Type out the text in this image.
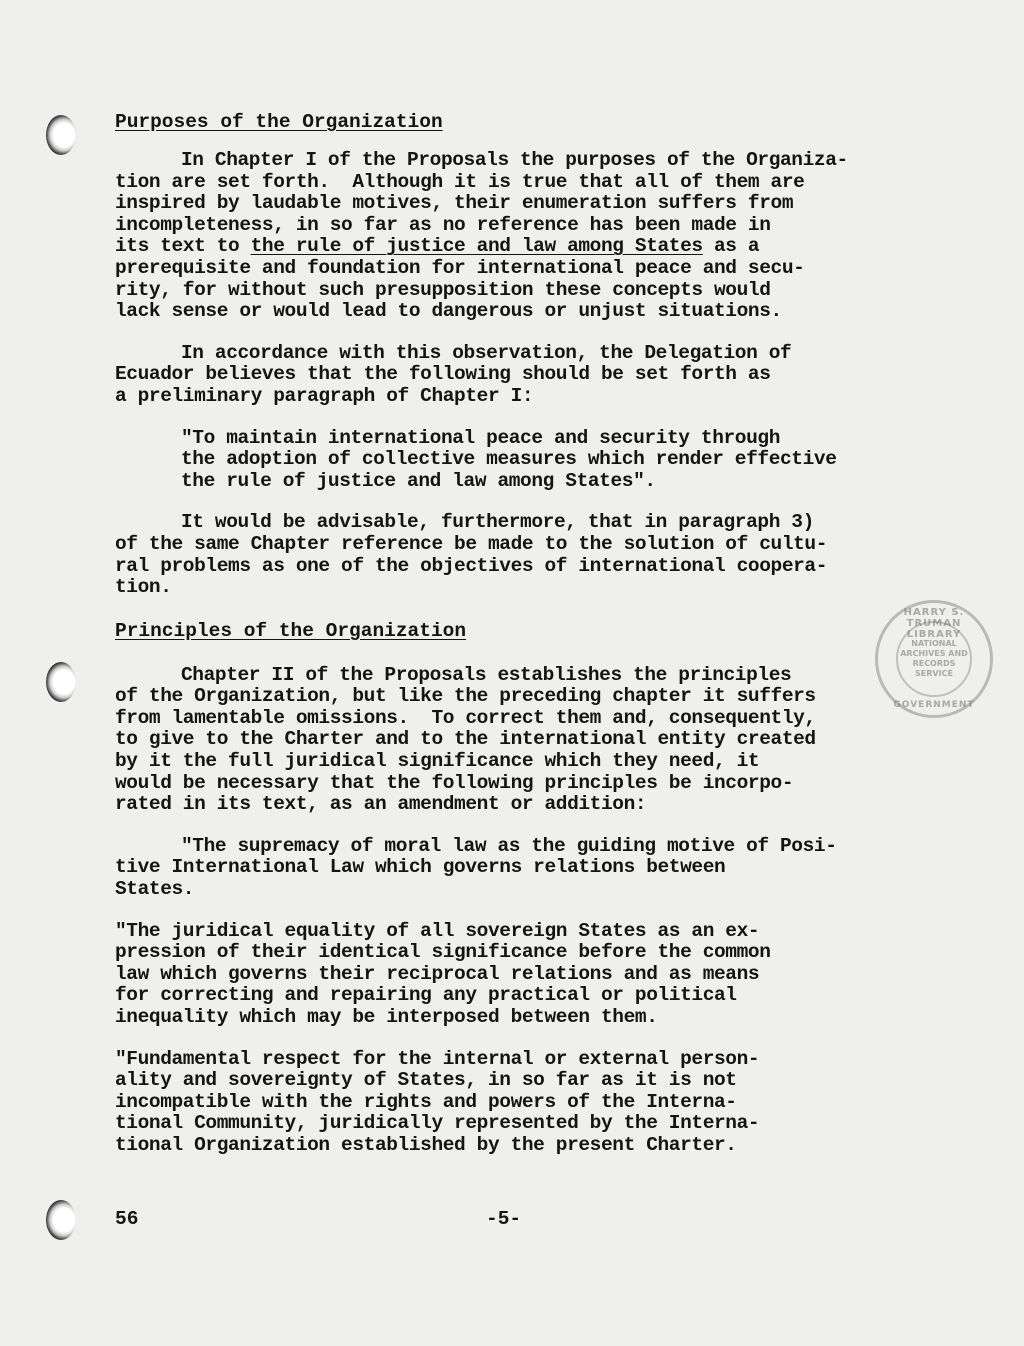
HARRY S. TRUMAN LIBRARY
NATIONAL
ARCHIVES AND
RECORDS
SERVICE
GOVERNMENT
Purposes of the Organization
In Chapter I of the Proposals the purposes of the Organiza-
tion are set forth.  Although it is true that all of them are
inspired by laudable motives, their enumeration suffers from
incompleteness, in so far as no reference has been made in
its text to the rule of justice and law among States as a
prerequisite and foundation for international peace and secu-
rity, for without such presupposition these concepts would
lack sense or would lead to dangerous or unjust situations.
In accordance with this observation, the Delegation of
Ecuador believes that the following should be set forth as
a preliminary paragraph of Chapter I:
"To maintain international peace and security through
the adoption of collective measures which render effective
the rule of justice and law among States".
It would be advisable, furthermore, that in paragraph 3)
of the same Chapter reference be made to the solution of cultu-
ral problems as one of the objectives of international coopera-
tion.
Principles of the Organization
Chapter II of the Proposals establishes the principles
of the Organization, but like the preceding chapter it suffers
from lamentable omissions.  To correct them and, consequently,
to give to the Charter and to the international entity created
by it the full juridical significance which they need, it
would be necessary that the following principles be incorpo-
rated in its text, as an amendment or addition:
"The supremacy of moral law as the guiding motive of Posi-
tive International Law which governs relations between
States.
"The juridical equality of all sovereign States as an ex-
pression of their identical significance before the common
law which governs their reciprocal relations and as means
for correcting and repairing any practical or political
inequality which may be interposed between them.
"Fundamental respect for the internal or external person-
ality and sovereignty of States, in so far as it is not
incompatible with the rights and powers of the Interna-
tional Community, juridically represented by the Interna-
tional Organization established by the present Charter.
56	-5-
